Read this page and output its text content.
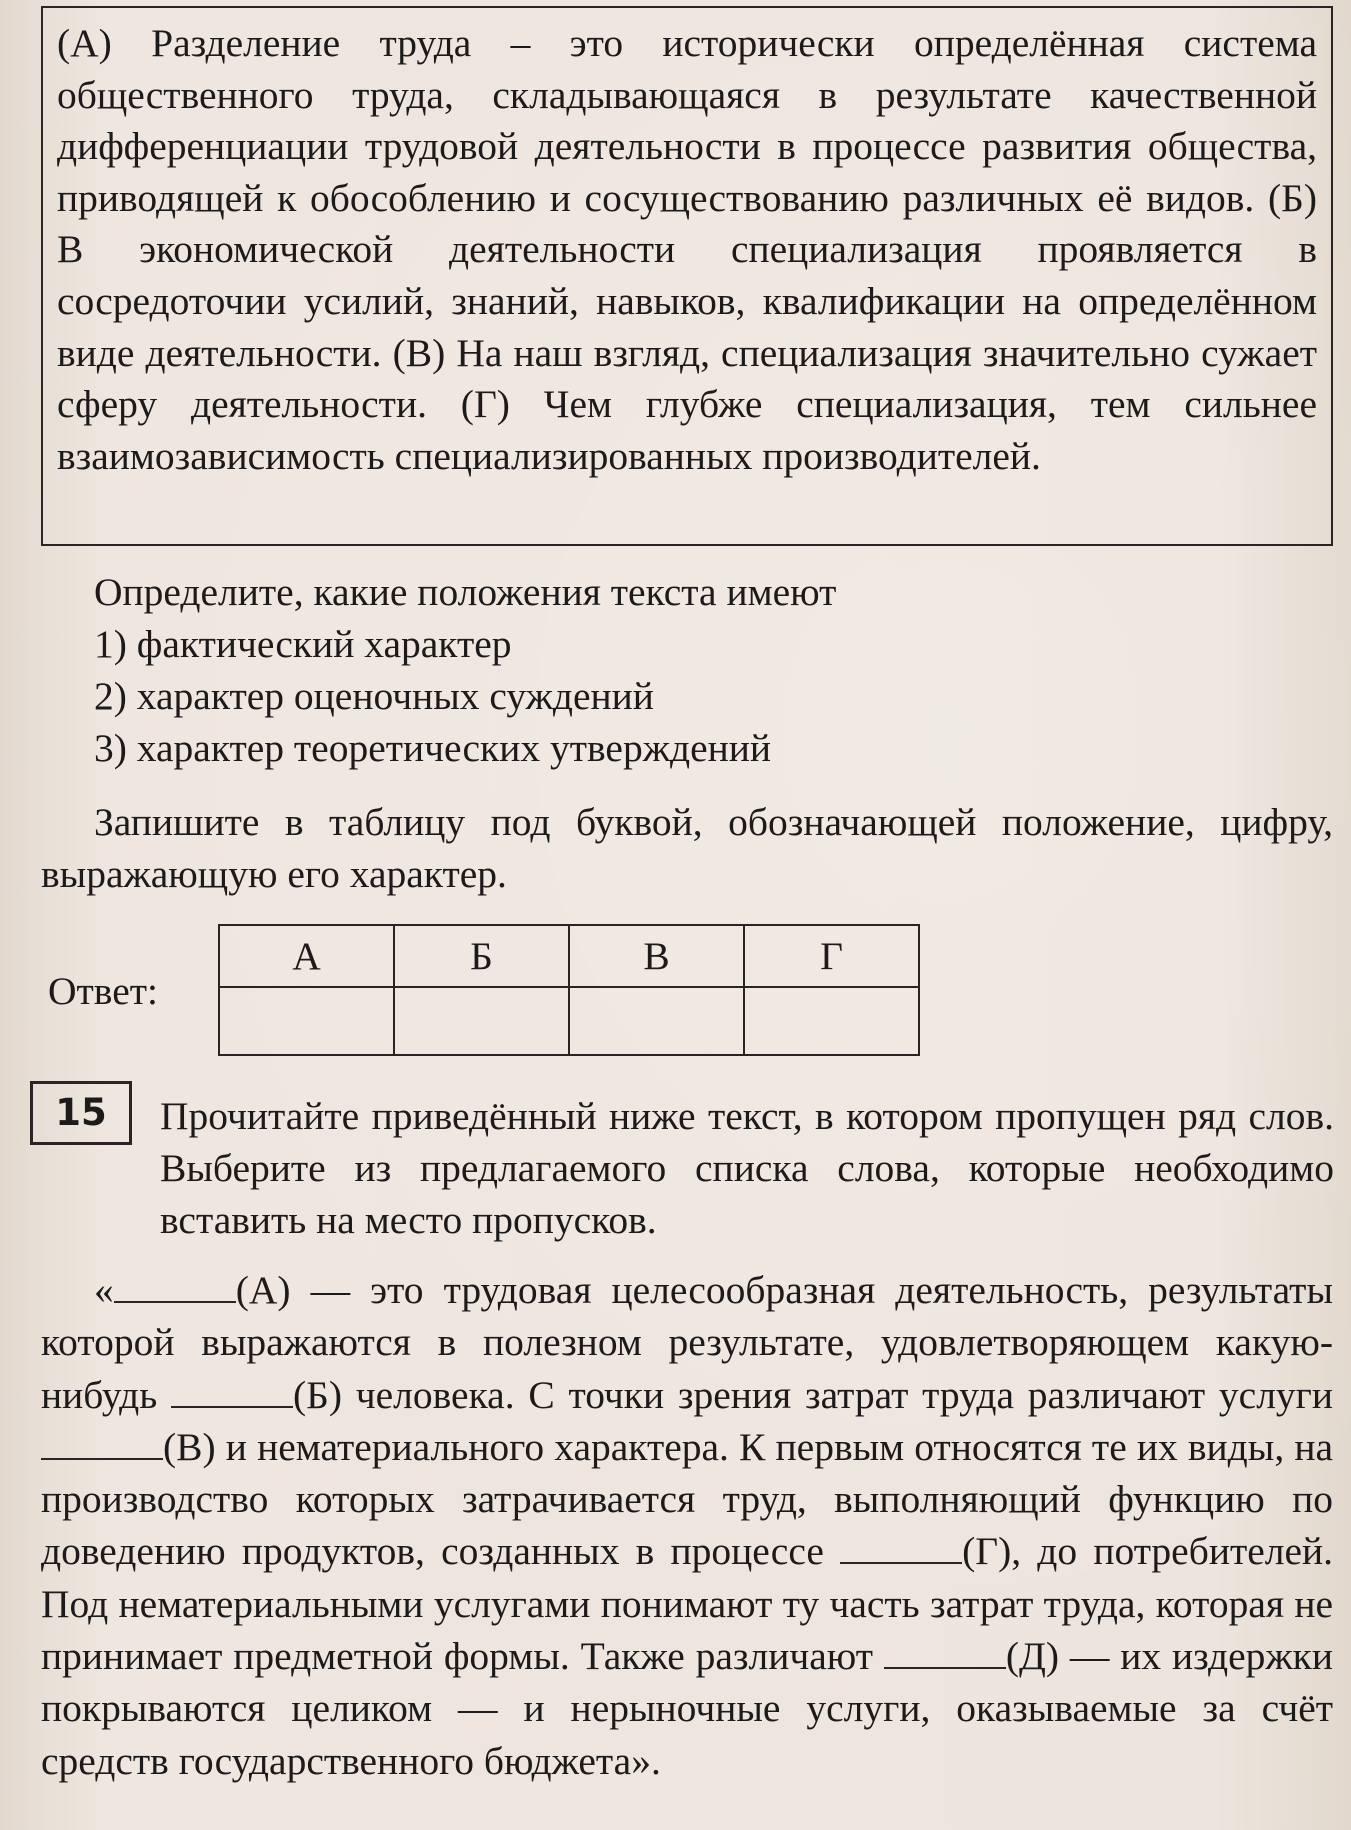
(А) Разделение труда – это исторически определённая система общественного труда, складывающаяся в результате качественной дифференциации трудовой деятельности в процессе развития общества, приводящей к обособлению и сосуществованию различных её видов. (Б) В экономической деятельности специализация проявляется в сосредоточии усилий, знаний, навыков, квалификации на определённом виде деятельности. (В) На наш взгляд, специализация значительно сужает сферу деятельности. (Г) Чем глубже специализация, тем сильнее взаимозависимость специализированных производителей.

Определите, какие положения текста имеют
1) фактический характер
2) характер оценочных суждений
3) характер теоретических утверждений

Запишите в таблицу под буквой, обозначающей положение, цифру, выражающую его характер.

Ответ:
А	Б	В	Г

15	Прочитайте приведённый ниже текст, в котором пропущен ряд слов. Выберите из предлагаемого списка слова, которые необходимо вставить на место пропусков.

«	(А) — это трудовая целесообразная деятельность, результаты которой выражаются в полезном результате, удовлетворяющем какую-нибудь	(Б) человека. С точки зрения затрат труда различают услуги (В) и нематериального характера. К первым относятся те их виды, на производство которых затрачивается труд, выполняющий функцию по доведению продуктов, созданных в процессе	(Г), до потребителей. Под нематериальными услугами понимают ту часть затрат труда, которая не принимает предметной формы. Также различают	(Д) — их издержки покрываются целиком — и нерыночные услуги, оказываемые за счёт средств государственного бюджета».
